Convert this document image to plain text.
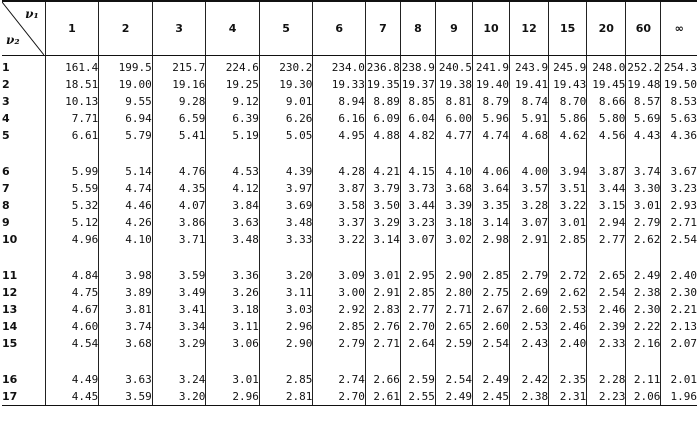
ν₁
ν₂	1	2	3	4	5	6	7	8	9	10	12	15	20	60	∞
1	161.4	199.5	215.7	224.6	230.2	234.0	236.8	238.9	240.5	241.9	243.9	245.9	248.0	252.2	254.3
2	18.51	19.00	19.16	19.25	19.30	19.33	19.35	19.37	19.38	19.40	19.41	19.43	19.45	19.48	19.50
3	10.13	9.55	9.28	9.12	9.01	8.94	8.89	8.85	8.81	8.79	8.74	8.70	8.66	8.57	8.53
4	7.71	6.94	6.59	6.39	6.26	6.16	6.09	6.04	6.00	5.96	5.91	5.86	5.80	5.69	5.63
5	6.61	5.79	5.41	5.19	5.05	4.95	4.88	4.82	4.77	4.74	4.68	4.62	4.56	4.43	4.36

6	5.99	5.14	4.76	4.53	4.39	4.28	4.21	4.15	4.10	4.06	4.00	3.94	3.87	3.74	3.67
7	5.59	4.74	4.35	4.12	3.97	3.87	3.79	3.73	3.68	3.64	3.57	3.51	3.44	3.30	3.23
8	5.32	4.46	4.07	3.84	3.69	3.58	3.50	3.44	3.39	3.35	3.28	3.22	3.15	3.01	2.93
9	5.12	4.26	3.86	3.63	3.48	3.37	3.29	3.23	3.18	3.14	3.07	3.01	2.94	2.79	2.71
10	4.96	4.10	3.71	3.48	3.33	3.22	3.14	3.07	3.02	2.98	2.91	2.85	2.77	2.62	2.54

11	4.84	3.98	3.59	3.36	3.20	3.09	3.01	2.95	2.90	2.85	2.79	2.72	2.65	2.49	2.40
12	4.75	3.89	3.49	3.26	3.11	3.00	2.91	2.85	2.80	2.75	2.69	2.62	2.54	2.38	2.30
13	4.67	3.81	3.41	3.18	3.03	2.92	2.83	2.77	2.71	2.67	2.60	2.53	2.46	2.30	2.21
14	4.60	3.74	3.34	3.11	2.96	2.85	2.76	2.70	2.65	2.60	2.53	2.46	2.39	2.22	2.13
15	4.54	3.68	3.29	3.06	2.90	2.79	2.71	2.64	2.59	2.54	2.43	2.40	2.33	2.16	2.07

16	4.49	3.63	3.24	3.01	2.85	2.74	2.66	2.59	2.54	2.49	2.42	2.35	2.28	2.11	2.01
17	4.45	3.59	3.20	2.96	2.81	2.70	2.61	2.55	2.49	2.45	2.38	2.31	2.23	2.06	1.96
